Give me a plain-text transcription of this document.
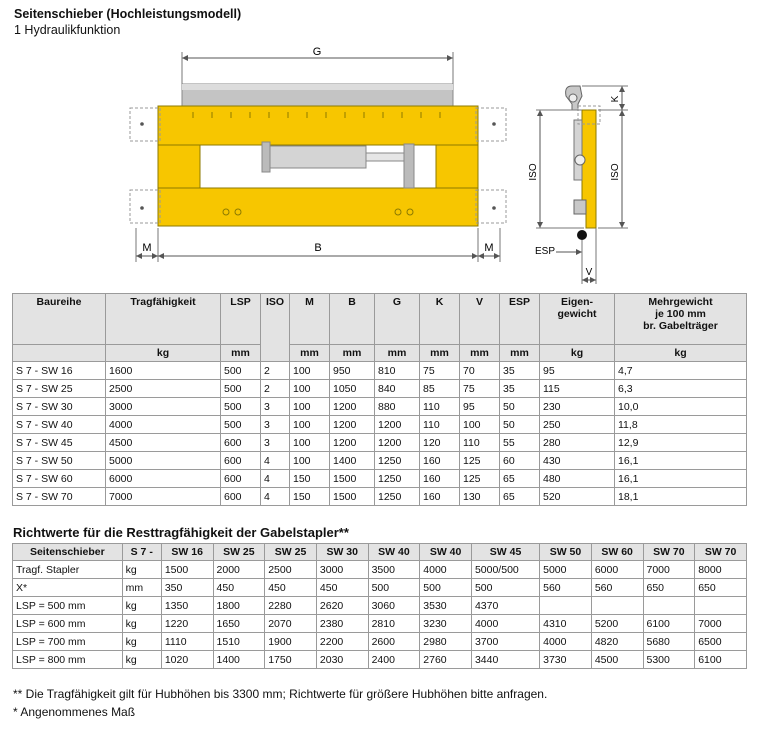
Seitenschieber (Hochleistungsmodell)
1 Hydraulikfunktion
G
M	B	M
ISO	ISO
K
ESP
V
Baureihe	Tragfähigkeit	LSP	ISO	M	B	G	K	V	ESP	Eigen-
gewicht	Mehrgewicht
je 100 mm
br. Gabelträger
	kg	mm		mm	mm	mm	mm	mm	mm	kg	kg
S 7 - SW 16	1600	500	2	100	950	810	75	70	35	95	4,7
S 7 - SW 25	2500	500	2	100	1050	840	85	75	35	115	6,3
S 7 - SW 30	3000	500	3	100	1200	880	110	95	50	230	10,0
S 7 - SW 40	4000	500	3	100	1200	1200	110	100	50	250	11,8
S 7 - SW 45	4500	600	3	100	1200	1200	120	110	55	280	12,9
S 7 - SW 50	5000	600	4	100	1400	1250	160	125	60	430	16,1
S 7 - SW 60	6000	600	4	150	1500	1250	160	125	65	480	16,1
S 7 - SW 70	7000	600	4	150	1500	1250	160	130	65	520	18,1
Richtwerte für die Resttragfähigkeit der Gabelstapler**
Seitenschieber	S 7 -	SW 16	SW 25	SW 25	SW 30	SW 40	SW 40	SW 45	SW 50	SW 60	SW 70	SW 70
Tragf. Stapler	kg	1500	2000	2500	3000	3500	4000	5000/500	5000	6000	7000	8000
X*	mm	350	450	450	450	500	500	500	560	560	650	650
LSP = 500 mm	kg	1350	1800	2280	2620	3060	3530	4370				
LSP = 600 mm	kg	1220	1650	2070	2380	2810	3230	4000	4310	5200	6100	7000
LSP = 700 mm	kg	1110	1510	1900	2200	2600	2980	3700	4000	4820	5680	6500
LSP = 800 mm	kg	1020	1400	1750	2030	2400	2760	3440	3730	4500	5300	6100
** Die Tragfähigkeit gilt für Hubhöhen bis 3300 mm; Richtwerte für größere Hubhöhen bitte anfragen.
* Angenommenes Maß
